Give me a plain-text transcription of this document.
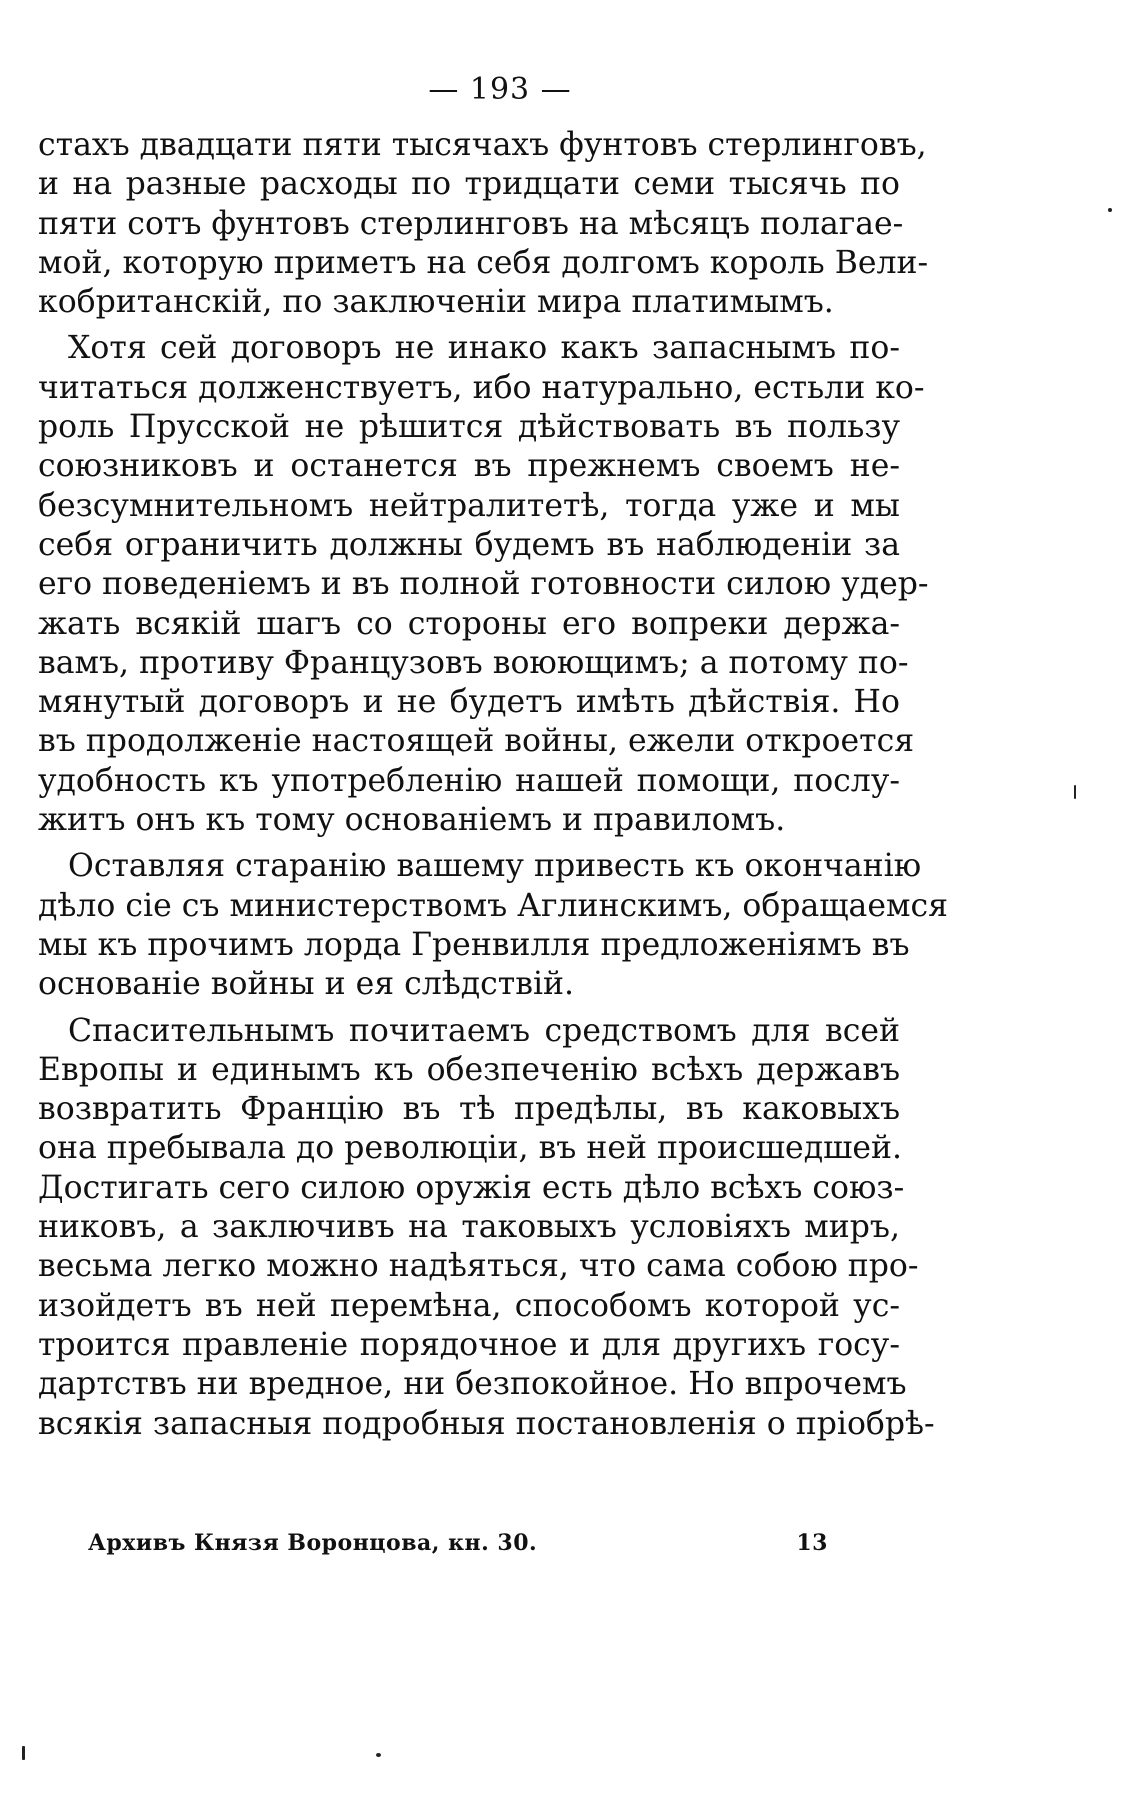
— 193 —
стахъ двадцати пяти тысячахъ фунтовъ стерлинговъ,
и на разные расходы по тридцати семи тысячь по
пяти сотъ фунтовъ стерлинговъ на мѣсяцъ полагае-
мой, которую приметъ на себя долгомъ король Вели-
кобританскій, по заключеніи мира платимымъ.
Хотя сей договоръ не инако какъ запаснымъ по-
читаться долженствуетъ, ибо натурально, естьли ко-
роль Прусской не рѣшится дѣйствовать въ пользу
союзниковъ и останется въ прежнемъ своемъ не-
безсумнительномъ нейтралитетѣ, тогда уже и мы
себя ограничить должны будемъ въ наблюденіи за
его поведеніемъ и въ полной готовности силою удер-
жать всякій шагъ со стороны его вопреки держа-
вамъ, противу Французовъ воюющимъ; а потому по-
мянутый договоръ и не будетъ имѣть дѣйствія. Но
въ продолженіе настоящей войны, ежели откроется
удобность къ употребленію нашей помощи, послу-
житъ онъ къ тому основаніемъ и правиломъ.
Оставляя старанію вашему привесть къ окончанію
дѣло сіе съ министерствомъ Аглинскимъ, обращаемся
мы къ прочимъ лорда Гренвилля предложеніямъ въ
основаніе войны и ея слѣдствій.
Спасительнымъ почитаемъ средствомъ для всей
Европы и единымъ къ обезпеченію всѣхъ державъ
возвратить Францію въ тѣ предѣлы, въ каковыхъ
она пребывала до революціи, въ ней происшедшей.
Достигать сего силою оружія есть дѣло всѣхъ союз-
никовъ, а заключивъ на таковыхъ условіяхъ миръ,
весьма легко можно надѣяться, что сама собою про-
изойдетъ въ ней перемѣна, способомъ которой ус-
троится правленіе порядочное и для другихъ госу-
дартствъ ни вредное, ни безпокойное. Но впрочемъ
всякія запасныя подробныя постановленія о пріобрѣ-
Архивъ Князя Воронцова, кн. 30.	13
